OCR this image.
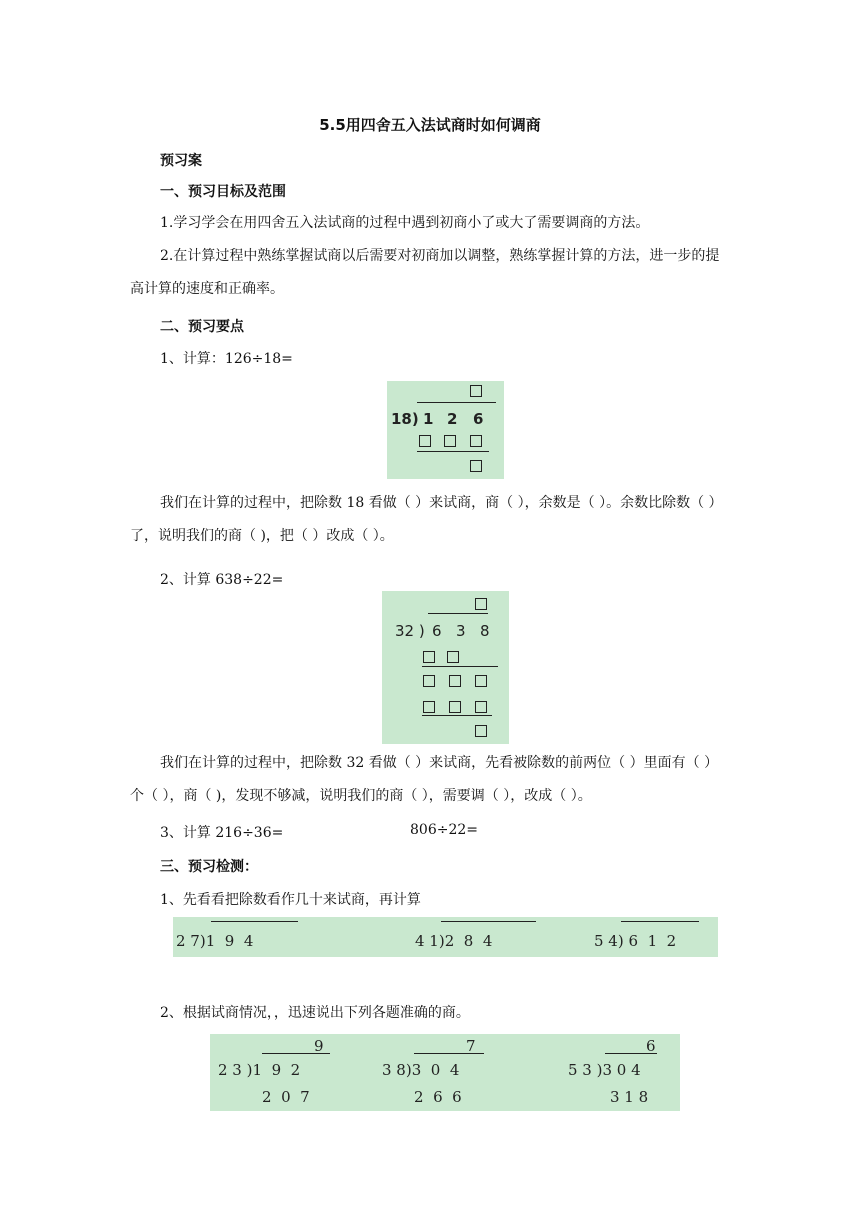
5.5用四舍五入法试商时如何调商
预习案
一、预习目标及范围
1.学习学会在用四舍五入法试商的过程中遇到初商小了或大了需要调商的方法。
2.在计算过程中熟练掌握试商以后需要对初商加以调整，熟练掌握计算的方法，进一步的提高计算的速度和正确率。
二、预习要点
1、计算：126÷18=
18) 1 2 6
我们在计算的过程中，把除数 18 看做（ ）来试商，商（ ），余数是（ ）。余数比除数（ ）了，说明我们的商（ )，把（ ）改成（ ）。
2、计算 638÷22=
32 ) 6 3 8
我们在计算的过程中，把除数 32 看做（ ）来试商，先看被除数的前两位（ ）里面有（ ）个（ ），商（ )，发现不够减，说明我们的商（ ），需要调（ ），改成（ ）。
3、计算 216÷36=	806÷22=
三、预习检测：
1、先看看把除数看作几十来试商，再计算
2 7)1  9  4	4 1)2  8  4	5 4) 6  1  2
2、根据试商情况，，迅速说出下列各题准确的商。
9
2 3 )1  9  2
2  0  7
7
3 8)3  0  4
2  6  6
6
5 3 )3 0 4
3 1 8
